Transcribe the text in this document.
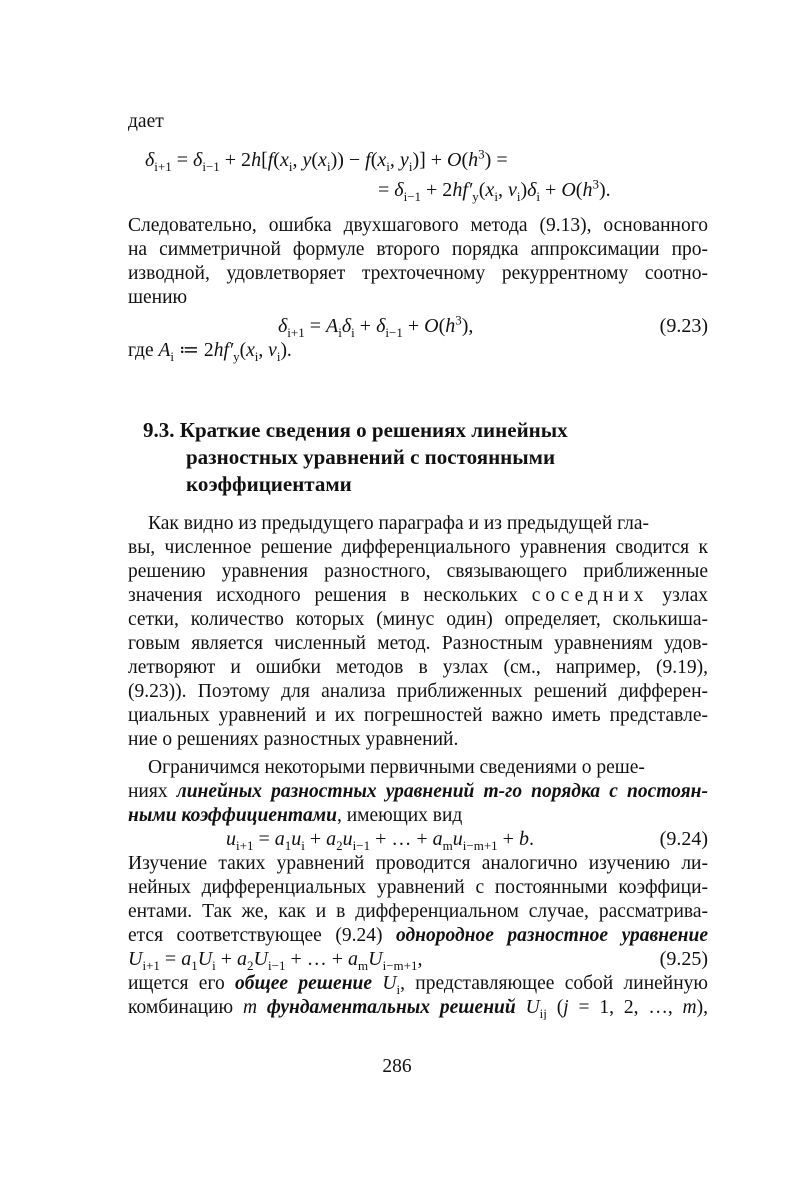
дает
$\delta_{i+1} = \delta_{i-1} + 2h[f(x_i$, $y(x_i)) - f(x_i$, $y_i)] + O(h^3)$ =
= $\delta_{i-1} + 2hf'_y(x_i$, $v_i)\delta_i + O(h^3)$.
Следовательно, ошибка двухшагового метода (9.13), основанного
на симметричной формуле второго порядка аппроксимации про-
изводной, удовлетворяет трехточечному рекуррентному соотно-
шению
$\delta_{i+1} = A_i\delta_i + \delta_{i-1} + O(h^3)$,	(9.23)
где $A_i$ ≔ $2hf'_y(x_i$, $v_i$).
9.3. Краткие сведения о решениях линейных
разностных уравнений с постоянными
коэффициентами
Как видно из предыдущего параграфа и из предыдущей гла-
вы, численное решение дифференциального уравнения сводится к
решению уравнения разностного, связывающего приближенные
значения исходного решения в нескольких соседних узлах
сетки, количество которых (минус один) определяет, сколькиша-
говым является численный метод. Разностным уравнениям удов-
летворяют и ошибки методов в узлах (см., например, (9.19),
(9.23)). Поэтому для анализа приближенных решений дифферен-
циальных уравнений и их погрешностей важно иметь представле-
ние о решениях разностных уравнений.
Ограничимся некоторыми первичными сведениями о реше-
ниях линейных разностных уравнений m-го порядка с постоян-
ными коэффициентами, имеющих вид
$u_{i+1} = a_1u_i + a_2u_{i-1}$ + … + $a_mu_{i-m+1} + b$.	(9.24)
Изучение таких уравнений проводится аналогично изучению ли-
нейных дифференциальных уравнений с постоянными коэффици-
ентами. Так же, как и в дифференциальном случае, рассматрива-
ется соответствующее (9.24) однородное разностное уравнение
$U_{i+1} = a_1U_i + a_2U_{i-1}$ + … + $a_mU_{i-m+1}$,	(9.25)
ищется его общее решение $U_i$, представляющее собой линейную
комбинацию m фундаментальных решений $U_{ij}$ (j = 1, 2, …, m),
286
